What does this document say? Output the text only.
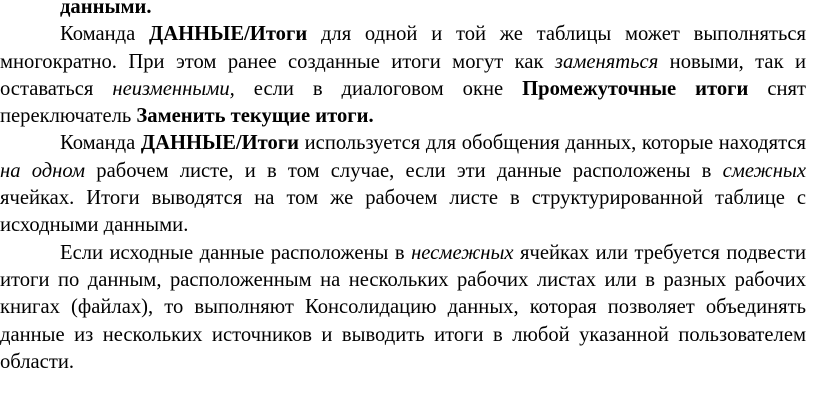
данными.

Команда ДАННЫЕ/Итоги для одной и той же таблицы может выполняться многократно. При этом ранее созданные итоги могут как заменяться новыми, так и оставаться неизменными, если в диалоговом окне Промежуточные итоги снят переключатель Заменить текущие итоги.

Команда ДАННЫЕ/Итоги используется для обобщения данных, которые находятся на одном рабочем листе, и в том случае, если эти данные расположены в смежных ячейках. Итоги выводятся на том же рабочем листе в структурированной таблице с исходными данными.

Если исходные данные расположены в несмежных ячейках или требуется подвести итоги по данным, расположенным на нескольких рабочих листах или в разных рабочих книгах (файлах), то выполняют Консолидацию данных, которая позволяет объединять данные из нескольких источников и выводить итоги в любой указанной пользователем области.
